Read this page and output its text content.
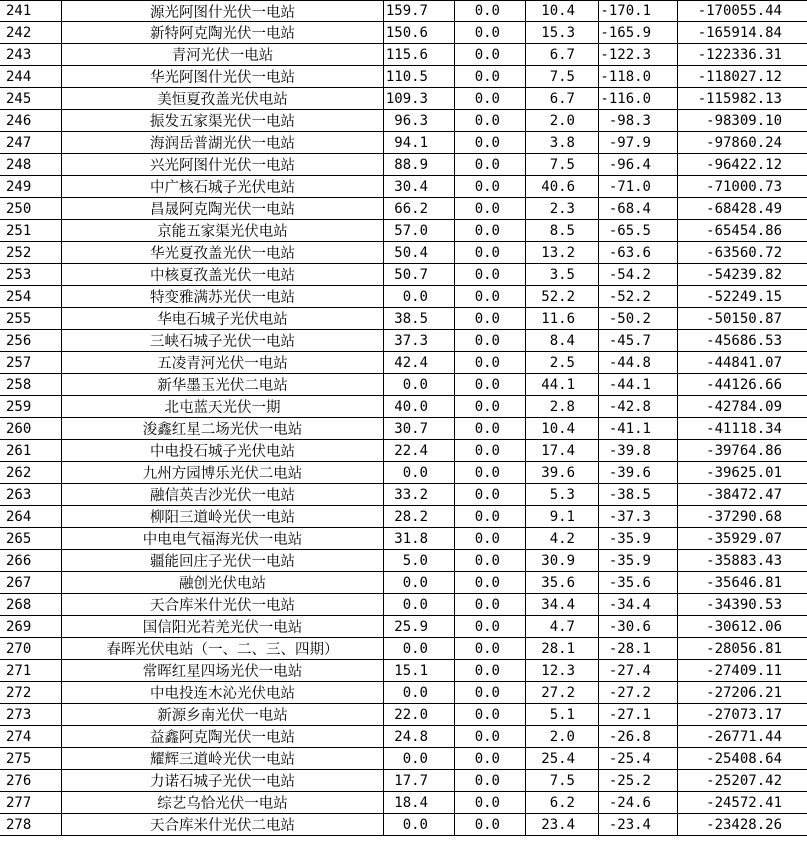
241	源光阿图什光伏一电站	159.7	0.0	10.4	-170.1	-170055.44
242	新特阿克陶光伏一电站	150.6	0.0	15.3	-165.9	-165914.84
243	青河光伏一电站	115.6	0.0	6.7	-122.3	-122336.31
244	华光阿图什光伏一电站	110.5	0.0	7.5	-118.0	-118027.12
245	美恒夏孜盖光伏电站	109.3	0.0	6.7	-116.0	-115982.13
246	振发五家渠光伏一电站	96.3	0.0	2.0	-98.3	-98309.10
247	海润岳普湖光伏一电站	94.1	0.0	3.8	-97.9	-97860.24
248	兴光阿图什光伏一电站	88.9	0.0	7.5	-96.4	-96422.12
249	中广核石城子光伏电站	30.4	0.0	40.6	-71.0	-71000.73
250	昌晟阿克陶光伏一电站	66.2	0.0	2.3	-68.4	-68428.49
251	京能五家渠光伏电站	57.0	0.0	8.5	-65.5	-65454.86
252	华光夏孜盖光伏一电站	50.4	0.0	13.2	-63.6	-63560.72
253	中核夏孜盖光伏一电站	50.7	0.0	3.5	-54.2	-54239.82
254	特变雅满苏光伏一电站	0.0	0.0	52.2	-52.2	-52249.15
255	华电石城子光伏电站	38.5	0.0	11.6	-50.2	-50150.87
256	三峡石城子光伏一电站	37.3	0.0	8.4	-45.7	-45686.53
257	五凌青河光伏一电站	42.4	0.0	2.5	-44.8	-44841.07
258	新华墨玉光伏二电站	0.0	0.0	44.1	-44.1	-44126.66
259	北屯蓝天光伏一期	40.0	0.0	2.8	-42.8	-42784.09
260	浚鑫红星二场光伏一电站	30.7	0.0	10.4	-41.1	-41118.34
261	中电投石城子光伏电站	22.4	0.0	17.4	-39.8	-39764.86
262	九州方园博乐光伏二电站	0.0	0.0	39.6	-39.6	-39625.01
263	融信英吉沙光伏一电站	33.2	0.0	5.3	-38.5	-38472.47
264	柳阳三道岭光伏一电站	28.2	0.0	9.1	-37.3	-37290.68
265	中电电气福海光伏一电站	31.8	0.0	4.2	-35.9	-35929.07
266	疆能回庄子光伏一电站	5.0	0.0	30.9	-35.9	-35883.43
267	融创光伏电站	0.0	0.0	35.6	-35.6	-35646.81
268	天合库米什光伏一电站	0.0	0.0	34.4	-34.4	-34390.53
269	国信阳光若羌光伏一电站	25.9	0.0	4.7	-30.6	-30612.06
270	春晖光伏电站（一、二、三、四期）	0.0	0.0	28.1	-28.1	-28056.81
271	常晖红星四场光伏一电站	15.1	0.0	12.3	-27.4	-27409.11
272	中电投连木沁光伏电站	0.0	0.0	27.2	-27.2	-27206.21
273	新源乡南光伏一电站	22.0	0.0	5.1	-27.1	-27073.17
274	益鑫阿克陶光伏一电站	24.8	0.0	2.0	-26.8	-26771.44
275	耀辉三道岭光伏一电站	0.0	0.0	25.4	-25.4	-25408.64
276	力诺石城子光伏一电站	17.7	0.0	7.5	-25.2	-25207.42
277	综艺乌恰光伏一电站	18.4	0.0	6.2	-24.6	-24572.41
278	天合库米什光伏二电站	0.0	0.0	23.4	-23.4	-23428.26
